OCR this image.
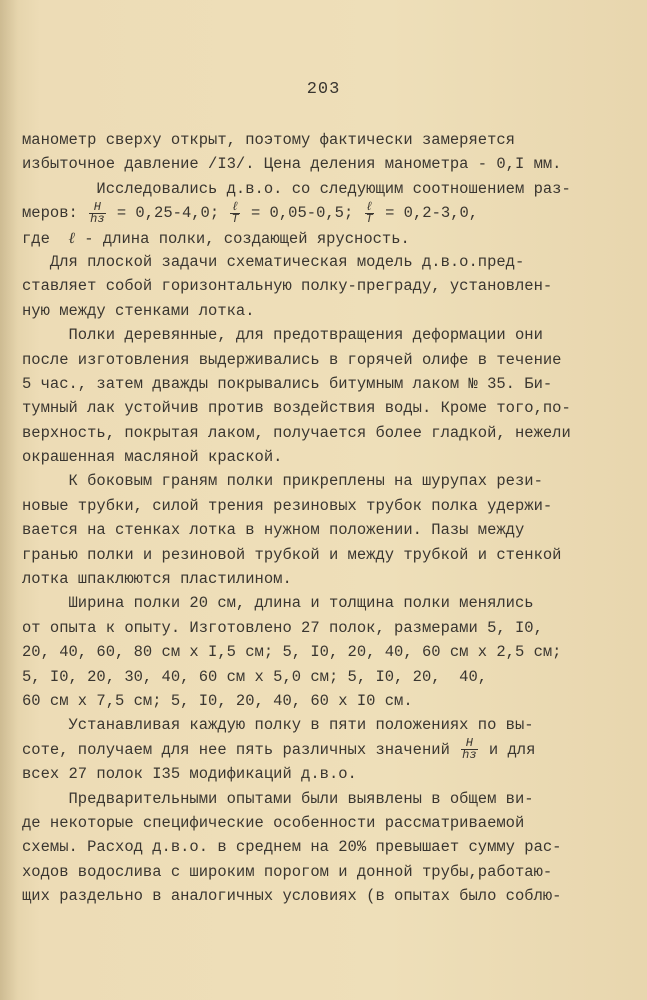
203
манометр сверху открыт, поэтому фактически замеряется
избыточное давление /I3/. Цена деления манометра - 0,I мм.
Исследовались д.в.о. со следующим соотношением раз-
меров: $\frac{H}{hз} = 0,25-4,0$; $\frac{\text{ℓ}}{T} = 0,05-0,5$; $\frac{\text{ℓ}}{T} = 0,2-3,0$,
где  ℓ - длина полки, создающей ярусность.
Для плоской задачи схематическая модель д.в.о.пред-
ставляет собой горизонтальную полку-преграду, установлен-
ную между стенками лотка.
Полки деревянные, для предотвращения деформации они
после изготовления выдерживались в горячей олифе в течение
5 час., затем дважды покрывались битумным лаком № 35. Би-
тумный лак устойчив против воздействия воды. Кроме того,по-
верхность, покрытая лаком, получается более гладкой, нежели
окрашенная масляной краской.
К боковым граням полки прикреплены на шурупах рези-
новые трубки, силой трения резиновых трубок полка удержи-
вается на стенках лотка в нужном положении. Пазы между
гранью полки и резиновой трубкой и между трубкой и стенкой
лотка шпаклюются пластилином.
Ширина полки 20 см, длина и толщина полки менялись
от опыта к опыту. Изготовлено 27 полок, размерами 5, I0,
20, 40, 60, 80 см х I,5 см; 5, I0, 20, 40, 60 см х 2,5 см;
5, I0, 20, 30, 40, 60 см х 5,0 см; 5, I0, 20,  40,
60 см х 7,5 см; 5, I0, 20, 40, 60 х I0 см.
Устанавливая каждую полку в пяти положениях по вы-
соте, получаем для нее пять различных значений $\frac{H}{hз}$ и для
всех 27 полок I35 модификаций д.в.о.
Предварительными опытами были выявлены в общем ви-
де некоторые специфические особенности рассматриваемой
схемы. Расход д.в.о. в среднем на 20% превышает сумму рас-
ходов водослива с широким порогом и донной трубы,работаю-
щих раздельно в аналогичных условиях (в опытах было соблю-
